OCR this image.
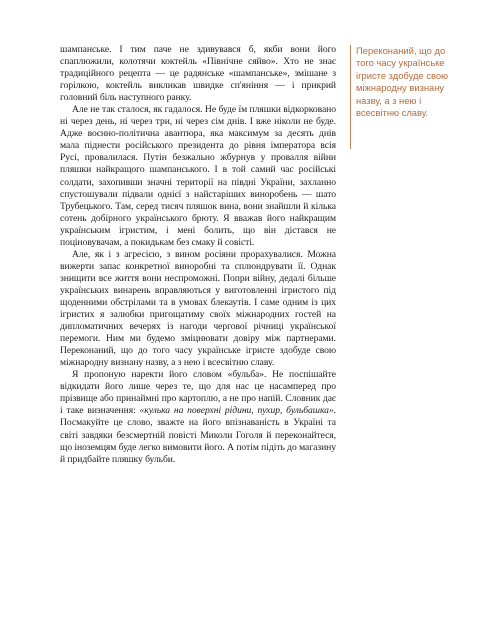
шампанське. І тим паче не здивувався б, якби вони його спаплюжили, колотячи коктейль «Північне сяйво». Хто не знає традиційного рецепта — це радянське «шампанське», змішане з горілкою, коктейль викликав швидке сп'яніння — і прикрий головний біль наступного ранку.

Але не так сталося, як гадалося. Не буде їм пляшки відкорковано ні через день, ні через три, ні через сім днів. І вже ніколи не буде. Адже воєнно-політична авантюра, яка максимум за десять днів мала піднести російського президента до рівня імператора всія Русі, провалилася. Путін безжально жбурнув у провалля війни пляшки найкращого шампанського. І в той самий час російські солдати, захопивши значні території на півдні України, захланно спустошували підвали однієї з найстаріших виноробень — шато Трубецького. Там, серед тисяч пляшок вина, вони знайшли й кілька сотень добірного українського брюту. Я вважав його найкращим українським ігристим, і мені болить, що він дістався не поціновувачам, а покидькам без смаку й совісті.

Але, як і з агресією, з вином росіяни прорахувалися. Можна вижерти запас конкретної виноробні та сплюндрувати її. Однак знищити все життя вони неспроможні. Попри війну, дедалі більше українських винарень вправляються у виготовленні ігристого під щоденними обстрілами та в умовах блекаутів. І саме одним із цих ігристих я залюбки пригощатиму своїх міжнародних гостей на дипломатичних вечерях із нагоди чергової річниці української перемоги. Ним ми будемо зміцнювати довіру між партнерами. Переконаний, що до того часу українське ігристе здобуде свою міжнародну визнану назву, а з нею і всесвітню славу.

Я пропоную наректи його словом «бульба». Не поспішайте відкидати його лише через те, що для нас це насамперед про прізвище або принаймні про картоплю, а не про напій. Словник дає і таке визначення: «кулька на поверхні рідини, пухир, бульбашка». Посмакуйте це слово, зважте на його впізнаваність в Україні та світі завдяки безсмертній повісті Миколи Гоголя й переконайтеся, що іноземцям буде легко вимовити його. А потім підіть до магазину й придбайте пляшку бульби.

Переконаний, що до того часу українське ігристе здобуде свою міжнародну визнану назву, а з нею і всесвітню славу.
